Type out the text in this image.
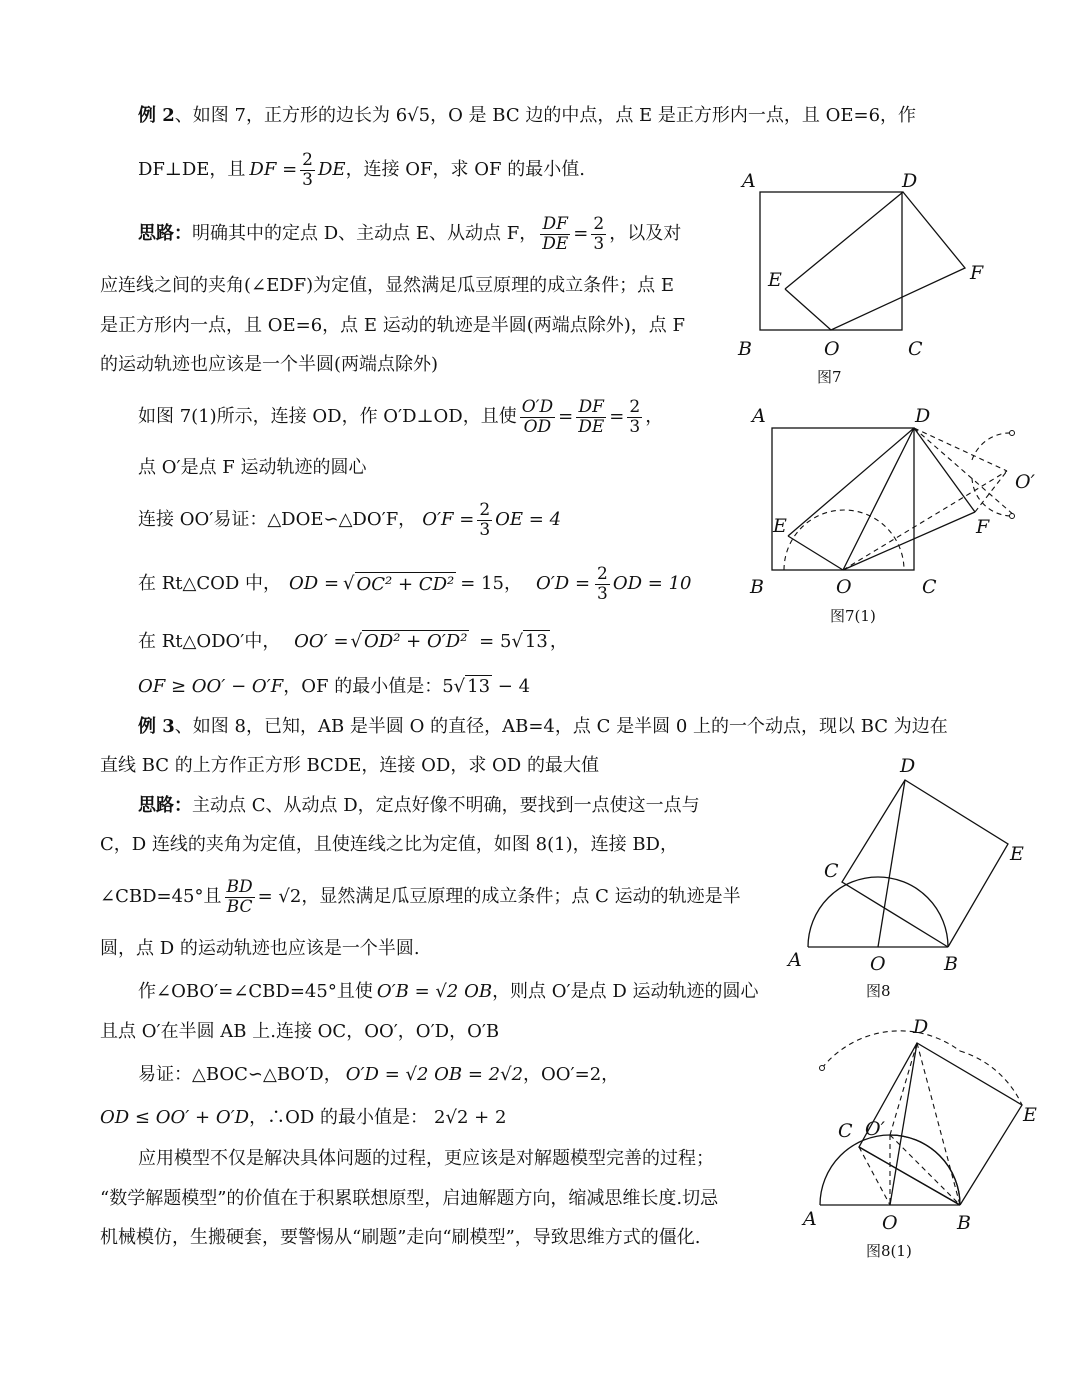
例 2、如图 7，正方形的边长为 6√5，O 是 BC 边的中点，点 E 是正方形内一点，且 OE=6，作
DF⊥DE，且 DF = $\frac{2}{3}$ DE ，连接 OF，求 OF 的最小值.
思路： 明确其中的定点 D、主动点 E、从动点 F， $\frac{DF}{DE} = \frac{2}{3}$ ，以及对
应连线之间的夹角(∠EDF)为定值，显然满足瓜豆原理的成立条件；点 E
是正方形内一点，且 OE=6，点 E 运动的轨迹是半圆(两端点除外)，点 F
的运动轨迹也应该是一个半圆(两端点除外)
如图 7(1)所示，连接 OD，作 O′D⊥OD，且使 $\frac{O'D}{OD} = \frac{DF}{DE} = \frac{2}{3}$ ，
点 O′是点 F 运动轨迹的圆心
连接 OO′易证：△DOE∽△DO′F， $O'F = \frac{2}{3}$ OE = 4
在 Rt△COD 中， OD = √ OC² + CD² = 15， $O'D = \frac{2}{3}$ OD = 10
在 Rt△ODO′中， OO′ = √ OD² + O′D² = 5√ 13 ，
OF ≥ OO′ − O′F，OF 的最小值是：5√ 13 − 4
例 3、如图 8，已知，AB 是半圆 O 的直径，AB=4，点 C 是半圆 0 上的一个动点，现以 BC 为边在
直线 BC 的上方作正方形 BCDE，连接 OD，求 OD 的最大值
思路：主动点 C、从动点 D，定点好像不明确，要找到一点使这一点与
C，D 连线的夹角为定值，且使连线之比为定值，如图 8(1)，连接 BD，
∠CBD=45°且 $\frac{BD}{BC} = √2$ ，显然满足瓜豆原理的成立条件；点 C 运动的轨迹是半
圆，点 D 的运动轨迹也应该是一个半圆.
作∠OBO′=∠CBD=45°且使 O′B = √2 OB，则点 O′是点 D 运动轨迹的圆心
且点 O′在半圆 AB 上.连接 OC，OO′，O′D，O′B
易证：△BOC∽△BO′D， O′D = √2 OB = 2√2，OO′=2，
OD ≤ OO′ + O′D，∴OD 的最小值是： 2√2 + 2
应用模型不仅是解决具体问题的过程，更应该是对解题模型完善的过程；
“数学解题模型”的价值在于积累联想原型，启迪解题方向，缩减思维长度.切忌
机械模仿，生搬硬套，要警惕从“刷题”走向“刷模型”，导致思维方式的僵化.
A	D
E	F
B	O	C
图7
A	D
E	F
B	O	C
O′
图7(1)
D
E
C
A	O	B
图8
D
E
C O′
A	O	B
图8(1)
